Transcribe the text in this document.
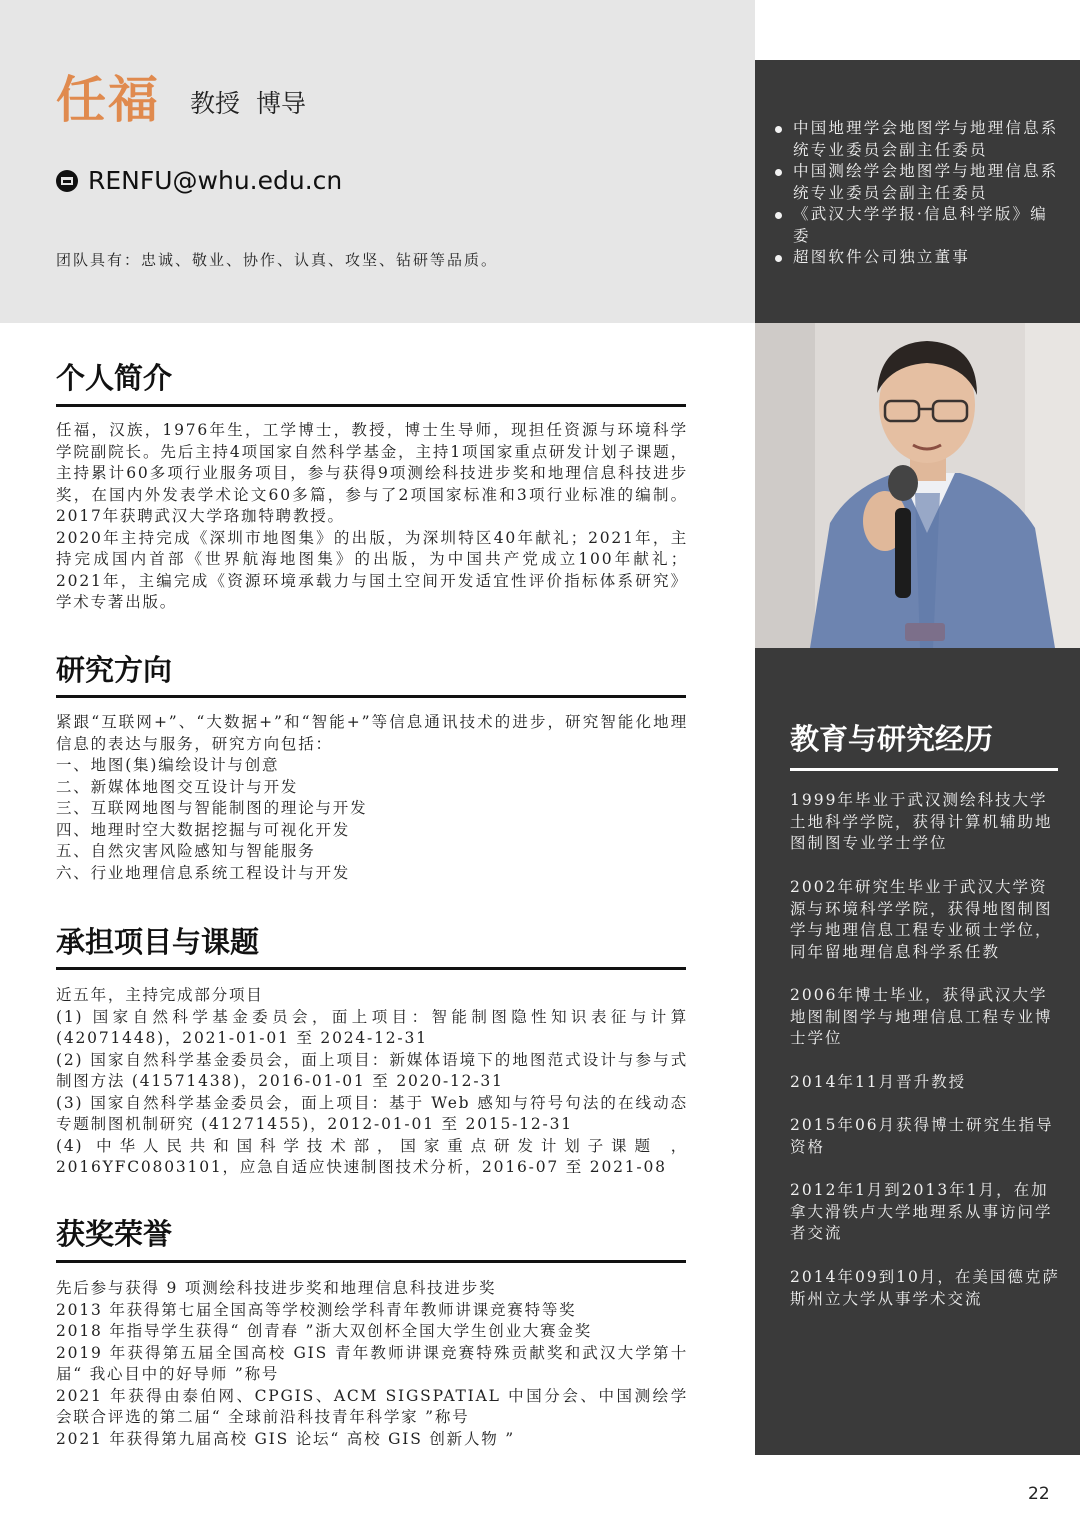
任福 教授 博导
RENFU@whu.edu.cn
团队具有：忠诚、敬业、协作、认真、攻坚、钻研等品质。
中国地理学会地图学与地理信息系统专业委员会副主任委员
中国测绘学会地图学与地理信息系统专业委员会副主任委员
《武汉大学学报·信息科学版》编委
超图软件公司独立董事
教育与研究经历
1999年毕业于武汉测绘科技大学土地科学学院，获得计算机辅助地图制图专业学士学位
2002年研究生毕业于武汉大学资源与环境科学学院，获得地图制图学与地理信息工程专业硕士学位，同年留地理信息科学系任教
2006年博士毕业，获得武汉大学地图制图学与地理信息工程专业博士学位
2014年11月晋升教授
2015年06月获得博士研究生指导资格
2012年1月到2013年1月，在加拿大滑铁卢大学地理系从事访问学者交流
2014年09到10月，在美国德克萨斯州立大学从事学术交流
个人简介
任福，汉族，1976年生，工学博士，教授，博士生导师，现担任资源与环境科学学院副院长。先后主持4项国家自然科学基金，主持1项国家重点研发计划子课题，主持累计60多项行业服务项目，参与获得9项测绘科技进步奖和地理信息科技进步奖，在国内外发表学术论文60多篇，参与了2项国家标准和3项行业标准的编制。2017年获聘武汉大学珞珈特聘教授。
2020年主持完成《深圳市地图集》的出版，为深圳特区40年献礼；2021年，主持完成国内首部《世界航海地图集》的出版，为中国共产党成立100年献礼；2021年，主编完成《资源环境承载力与国土空间开发适宜性评价指标体系研究》学术专著出版。
研究方向
紧跟“互联网+”、“大数据+”和“智能+”等信息通讯技术的进步，研究智能化地理信息的表达与服务，研究方向包括：
一、地图(集)编绘设计与创意
二、新媒体地图交互设计与开发
三、互联网地图与智能制图的理论与开发
四、地理时空大数据挖掘与可视化开发
五、自然灾害风险感知与智能服务
六、行业地理信息系统工程设计与开发
承担项目与课题
近五年，主持完成部分项目
(1) 国家自然科学基金委员会，面上项目：智能制图隐性知识表征与计算(42071448)，2021-01-01 至 2024-12-31
(2) 国家自然科学基金委员会，面上项目：新媒体语境下的地图范式设计与参与式制图方法 (41571438)，2016-01-01 至 2020-12-31
(3) 国家自然科学基金委员会，面上项目：基于 Web 感知与符号句法的在线动态专题制图机制研究 (41271455)，2012-01-01 至 2015-12-31
(4) 中华人民共和国科学技术部，国家重点研发计划子课题 ，2016YFC0803101，应急自适应快速制图技术分析，2016-07 至 2021-08
获奖荣誉
先后参与获得 9 项测绘科技进步奖和地理信息科技进步奖
2013 年获得第七届全国高等学校测绘学科青年教师讲课竞赛特等奖
2018 年指导学生获得“ 创青春 ”浙大双创杯全国大学生创业大赛金奖
2019 年获得第五届全国高校 GIS 青年教师讲课竞赛特殊贡献奖和武汉大学第十届“ 我心目中的好导师 ”称号
2021 年获得由泰伯网、CPGIS、ACM SIGSPATIAL 中国分会、中国测绘学会联合评选的第二届“ 全球前沿科技青年科学家 ”称号
2021 年获得第九届高校 GIS 论坛“ 高校 GIS 创新人物 ”
22
